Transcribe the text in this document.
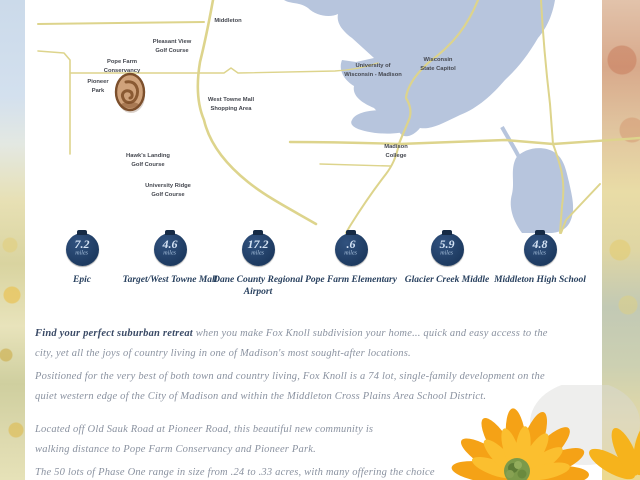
Middleton
Pleasant View
Golf Course
Pope Farm
Conservancy
Pioneer
Park
West Towne Mall
Shopping Area
Hawk's Landing
Golf Course
University Ridge
Golf Course
University of
Wisconsin - Madison
Wisconsin
State Capitol
Madison
College
7.2
miles
Epic
4.6
miles
Target/West Towne Mall
17.2
miles
Dane County Regional Airport
.6
miles
Pope Farm Elementary
5.9
miles
Glacier Creek Middle
4.8
miles
Middleton High School

Find your perfect suburban retreat when you make Fox Knoll subdivision your home... quick and easy access to the
city, yet all the joys of country living in one of Madison's most sought-after locations.

Positioned for the very best of both town and country living, Fox Knoll is a 74 lot, single-family development on the
quiet western edge of the City of Madison and within the Middleton Cross Plains Area School District.

Located off Old Sauk Road at Pioneer Road, this beautiful new community is
walking distance to Pope Farm Conservancy and Pioneer Park.

The 50 lots of Phase One range in size from .24 to .33 acres, with many offering the choice
